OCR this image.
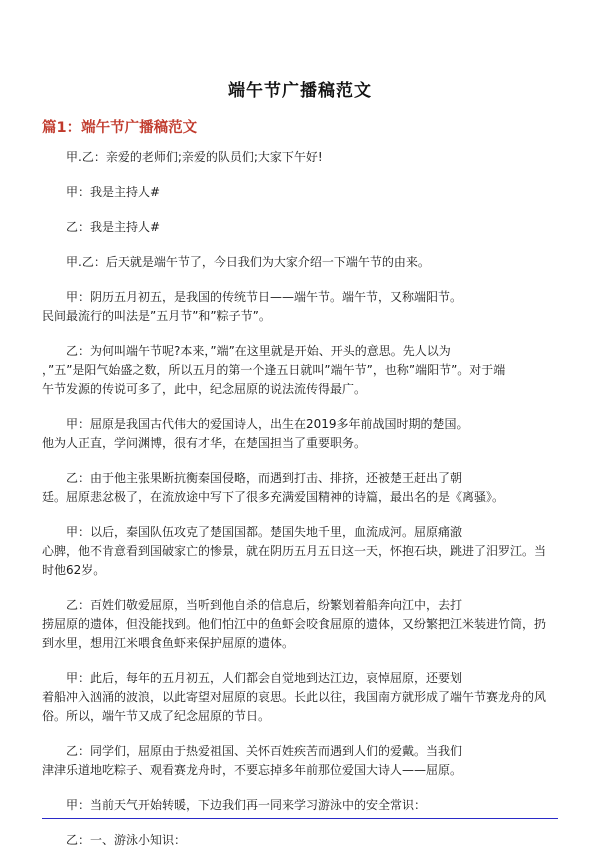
端午节广播稿范文
篇1：端午节广播稿范文
甲.乙：亲爱的老师们;亲爱的队员们;大家下午好!
甲：我是主持人#
乙：我是主持人#
甲.乙：后天就是端午节了，今日我们为大家介绍一下端午节的由来。
甲：阴历五月初五，是我国的传统节日——端午节。端午节，又称端阳节。
民间最流行的叫法是”五月节”和”粽子节”。
乙：为何叫端午节呢?本来，”端”在这里就是开始、开头的意思。先人以为
，”五”是阳气始盛之数，所以五月的第一个逢五日就叫”端午节”，也称”端阳节”。对于端
午节发源的传说可多了，此中，纪念屈原的说法流传得最广。
甲：屈原是我国古代伟大的爱国诗人，出生在2019多年前战国时期的楚国。
他为人正直，学问渊博，很有才华，在楚国担当了重要职务。
乙：由于他主张果断抗衡秦国侵略，而遇到打击、排挤，还被楚王赶出了朝
廷。屈原悲忿极了，在流放途中写下了很多充满爱国精神的诗篇，最出名的是《离骚》。
甲：以后，秦国队伍攻克了楚国国都。楚国失地千里，血流成河。屈原痛澈
心脾，他不肯意看到国破家亡的惨景，就在阴历五月五日这一天，怀抱石块，跳进了汨罗江。当
时他62岁。
乙：百姓们敬爱屈原，当听到他自杀的信息后，纷繁划着船奔向江中，去打
捞屈原的遗体，但没能找到。他们怕江中的鱼虾会咬食屈原的遗体，又纷繁把江米装进竹筒，扔
到水里，想用江米喂食鱼虾来保护屈原的遗体。
甲：此后，每年的五月初五，人们都会自觉地到达江边，哀悼屈原，还要划
着船冲入汹涌的波浪，以此寄望对屈原的哀思。长此以往，我国南方就形成了端午节赛龙舟的风
俗。所以，端午节又成了纪念屈原的节日。
乙：同学们，屈原由于热爱祖国、关怀百姓疾苦而遇到人们的爱戴。当我们
津津乐道地吃粽子、观看赛龙舟时，不要忘掉多年前那位爱国大诗人——屈原。
甲：当前天气开始转暖，下边我们再一同来学习游泳中的安全常识：
乙：一、游泳小知识：
